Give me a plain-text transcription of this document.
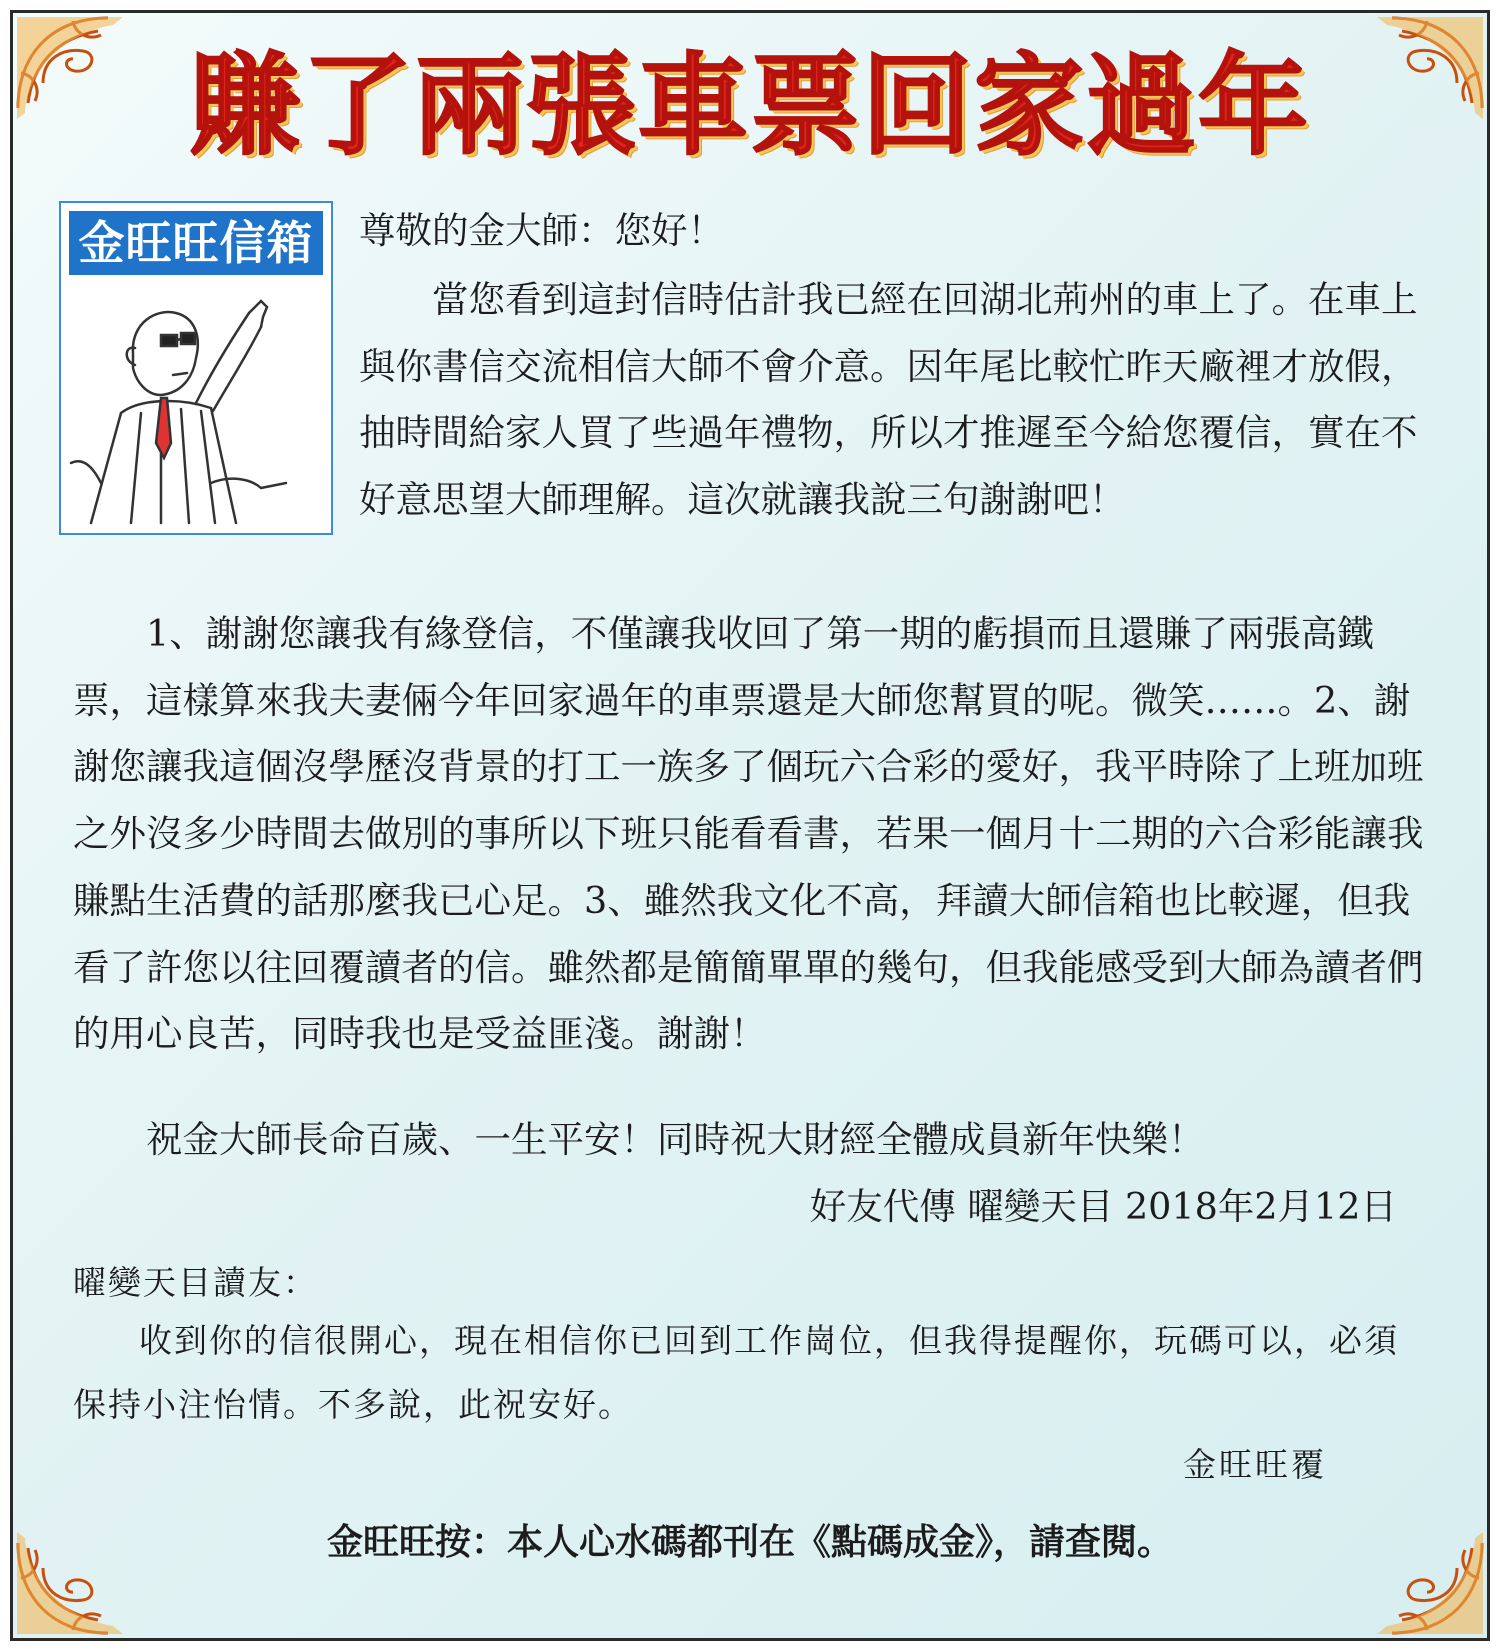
賺了兩張車票回家過年
金旺旺信箱 尊敬的金大師：您好！

當您看到這封信時估計我已經在回湖北荊州的車上了。在車上與你書信交流相信大師不會介意。因年尾比較忙昨天廠裡才放假，抽時間給家人買了些過年禮物，所以才推遲至今給您覆信，實在不好意思望大師理解。這次就讓我說三句謝謝吧！

1、謝謝您讓我有緣登信，不僅讓我收回了第一期的虧損而且還賺了兩張高鐵票，這樣算來我夫妻倆今年回家過年的車票還是大師您幫買的呢。微笑……。2、謝謝您讓我這個沒學歷沒背景的打工一族多了個玩六合彩的愛好，我平時除了上班加班之外沒多少時間去做別的事所以下班只能看看書，若果一個月十二期的六合彩能讓我賺點生活費的話那麼我已心足。3、雖然我文化不高，拜讀大師信箱也比較遲，但我看了許您以往回覆讀者的信。雖然都是簡簡單單的幾句，但我能感受到大師為讀者們的用心良苦，同時我也是受益匪淺。謝謝！

祝金大師長命百歲、一生平安！同時祝大財經全體成員新年快樂！

好友代傳 曜變天目 2018年2月12日
曜變天目讀友：

收到你的信很開心，現在相信你已回到工作崗位，但我得提醒你，玩碼可以，必須保持小注怡情。不多說，此祝安好。

金旺旺覆
金旺旺按：本人心水碼都刊在《點碼成金》，請查閱。
